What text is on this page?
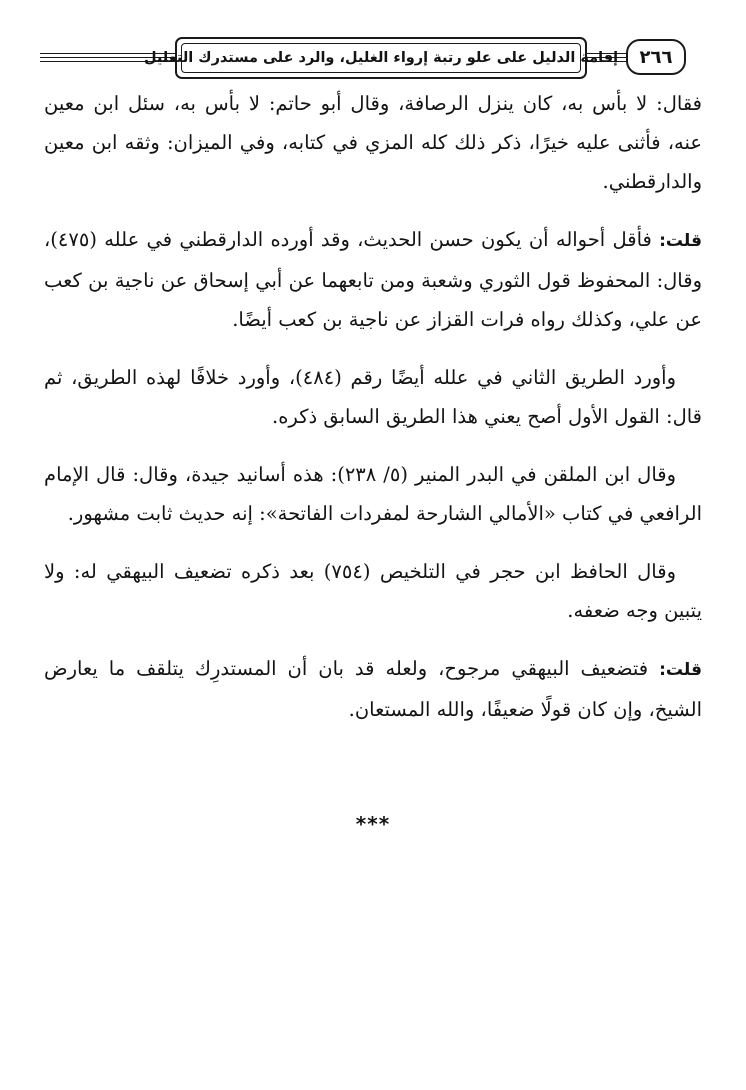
إقامة الدليل على علو رتبة إرواء الغليل، والرد على مستدرك التعليل	٢٦٦

فقال: لا بأس به، كان ينزل الرصافة، وقال أبو حاتم: لا بأس به، سئل ابن معين عنه، فأثنى عليه خيرًا، ذكر ذلك كله المزي في كتابه، وفي الميزان: وثقه ابن معين والدارقطني.

قلت: فأقل أحواله أن يكون حسن الحديث، وقد أورده الدارقطني في علله (٤٧٥)، وقال: المحفوظ قول الثوري وشعبة ومن تابعهما عن أبي إسحاق عن ناجية بن كعب عن علي، وكذلك رواه فرات القزاز عن ناجية بن كعب أيضًا.

وأورد الطريق الثاني في علله أيضًا رقم (٤٨٤)، وأورد خلافًا لهذه الطريق، ثم قال: القول الأول أصح يعني هذا الطريق السابق ذكره.

وقال ابن الملقن في البدر المنير (٥/ ٢٣٨): هذه أسانيد جيدة، وقال: قال الإمام الرافعي في كتاب «الأمالي الشارحة لمفردات الفاتحة»: إنه حديث ثابت مشهور.

وقال الحافظ ابن حجر في التلخيص (٧٥٤) بعد ذكره تضعيف البيهقي له: ولا يتبين وجه ضعفه.

قلت: فتضعيف البيهقي مرجوح، ولعله قد بان أن المستدرِك يتلقف ما يعارض الشيخ، وإن كان قولًا ضعيفًا، والله المستعان.

***
